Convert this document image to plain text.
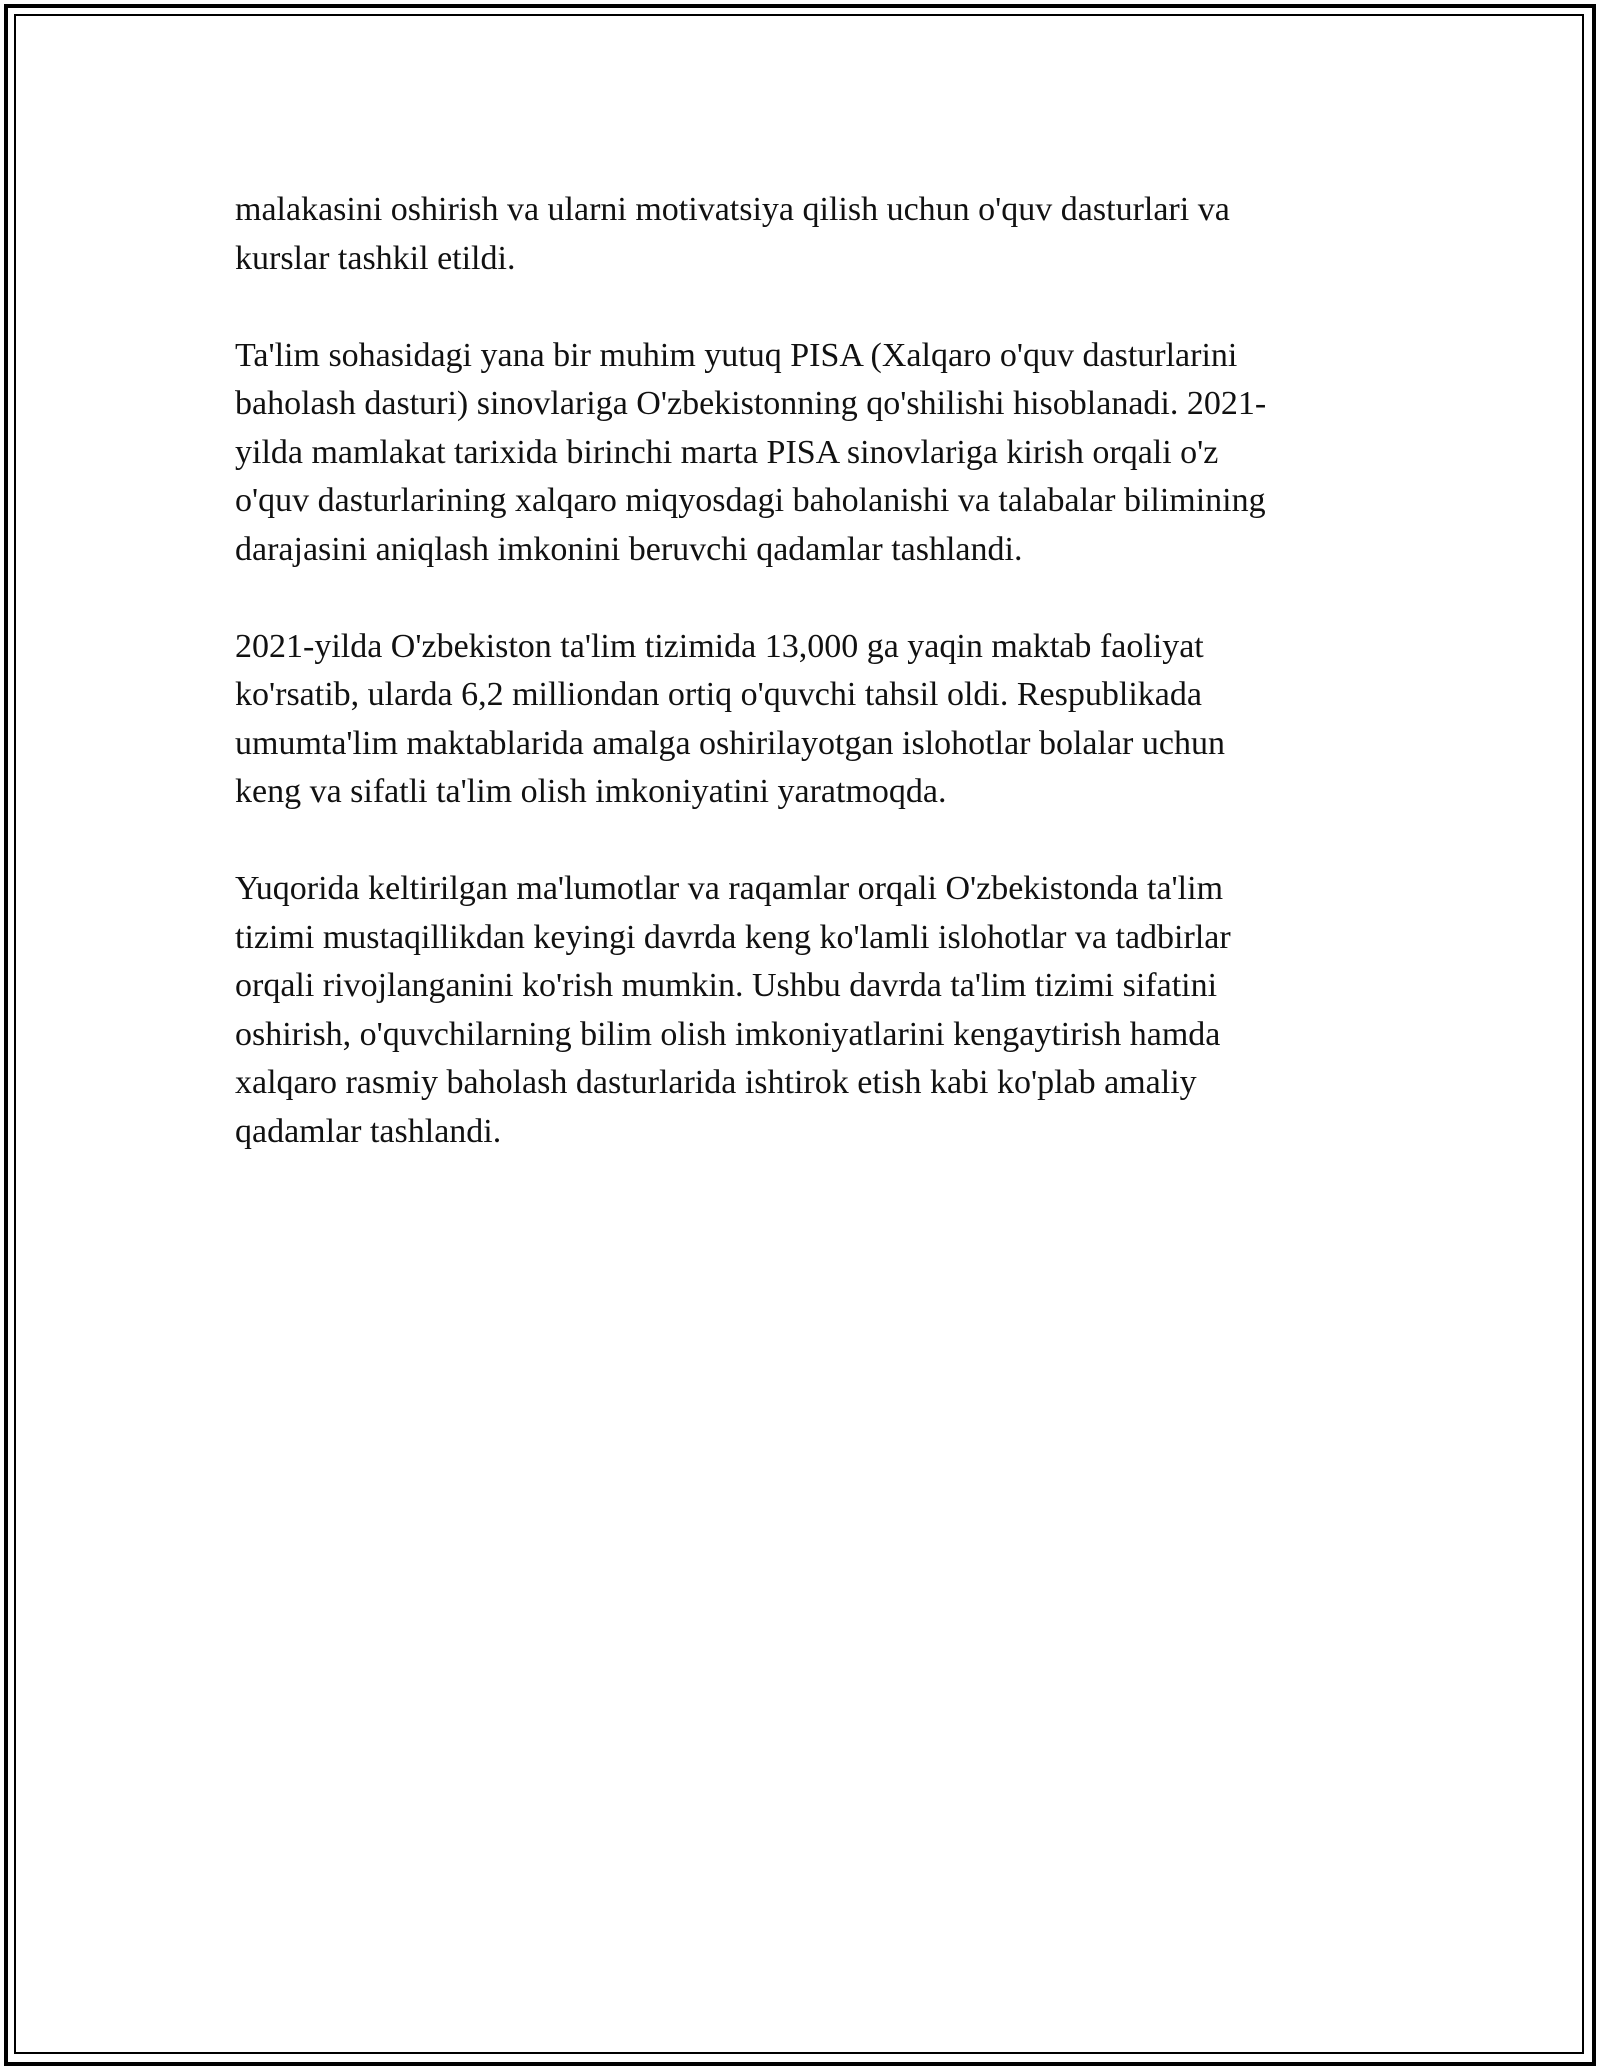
malakasini oshirish va ularni motivatsiya qilish uchun o'quv dasturlari va
kurslar tashkil etildi.

Ta'lim sohasidagi yana bir muhim yutuq PISA (Xalqaro o'quv dasturlarini
baholash dasturi) sinovlariga O'zbekistonning qo'shilishi hisoblanadi. 2021-
yilda mamlakat tarixida birinchi marta PISA sinovlariga kirish orqali o'z
o'quv dasturlarining xalqaro miqyosdagi baholanishi va talabalar bilimining
darajasini aniqlash imkonini beruvchi qadamlar tashlandi.

2021-yilda O'zbekiston ta'lim tizimida 13,000 ga yaqin maktab faoliyat
ko'rsatib, ularda 6,2 milliondan ortiq o'quvchi tahsil oldi. Respublikada
umumta'lim maktablarida amalga oshirilayotgan islohotlar bolalar uchun
keng va sifatli ta'lim olish imkoniyatini yaratmoqda.

Yuqorida keltirilgan ma'lumotlar va raqamlar orqali O'zbekistonda ta'lim
tizimi mustaqillikdan keyingi davrda keng ko'lamli islohotlar va tadbirlar
orqali rivojlanganini ko'rish mumkin. Ushbu davrda ta'lim tizimi sifatini
oshirish, o'quvchilarning bilim olish imkoniyatlarini kengaytirish hamda
xalqaro rasmiy baholash dasturlarida ishtirok etish kabi ko'plab amaliy
qadamlar tashlandi.
